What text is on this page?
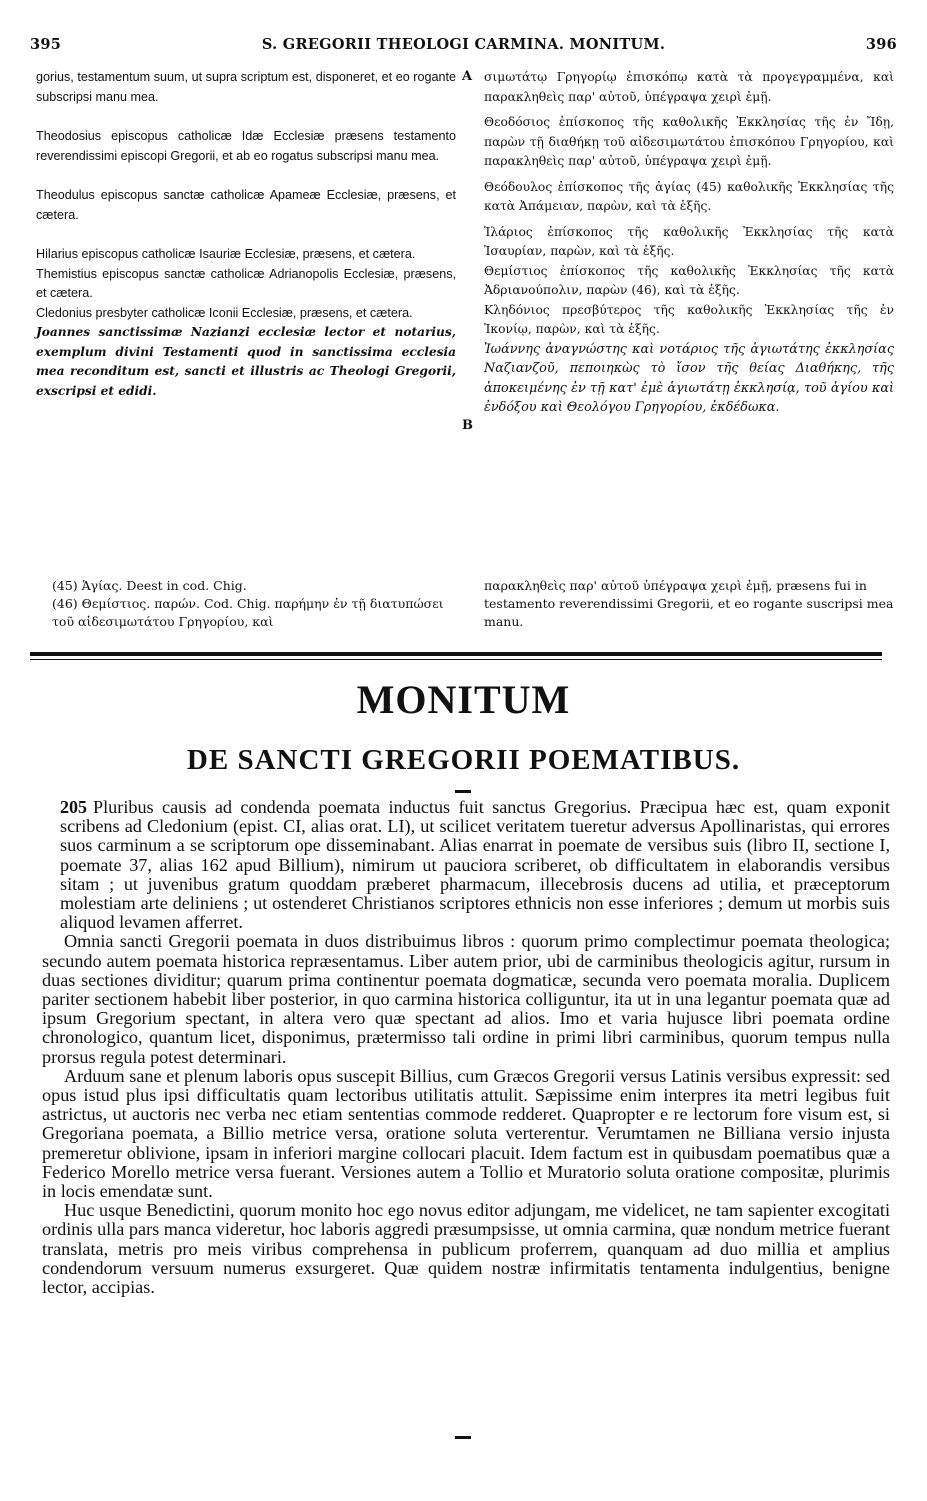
395	S. GREGORII THEOLOGI CARMINA. MONITUM.	396

gorius, testamentum suum, ut supra scriptum est, disponeret, et eo rogante subscripsi manu mea.

Theodosius episcopus catholicæ Idæ Ecclesiæ præsens testamento reverendissimi episcopi Gregorii, et ab eo rogatus subscripsi manu mea.

Theodulus episcopus sanctæ catholicæ Apameæ Ecclesiæ, præsens, et cætera.

Hilarius episcopus catholicæ Isauriæ Ecclesiæ, præsens, et cætera.

Themistius episcopus sanctæ catholicæ Adrianopolis Ecclesiæ, præsens, et cætera.

Cledonius presbyter catholicæ Iconii Ecclesiæ, præsens, et cætera.

Joannes sanctissimæ Nazianzi ecclesiæ lector et notarius, exemplum divini Testamenti quod in sanctissima ecclesia mea reconditum est, sancti et illustris ac Theologi Gregorii, exscripsi et edidi.

A
B

σιμωτάτῳ Γρηγορίῳ ἐπισκόπῳ κατὰ τὰ προγεγραμμένα, καὶ παρακληθεὶς παρ' αὐτοῦ, ὑπέγραψα χειρὶ ἐμῇ.

Θεοδόσιος ἐπίσκοπος τῆς καθολικῆς Ἐκκλησίας τῆς ἐν Ἴδῃ, παρὼν τῇ διαθήκῃ τοῦ αἰδεσιμωτάτου ἐπισκόπου Γρηγορίου, καὶ παρακληθεὶς παρ' αὐτοῦ, ὑπέγραψα χειρὶ ἐμῇ.

Θεόδουλος ἐπίσκοπος τῆς ἁγίας (45) καθολικῆς Ἐκκλησίας τῆς κατὰ Ἀπάμειαν, παρὼν, καὶ τὰ ἑξῆς.

Ἱλάριος ἐπίσκοπος τῆς καθολικῆς Ἐκκλησίας τῆς κατὰ Ἰσαυρίαν, παρὼν, καὶ τὰ ἑξῆς.

Θεμίστιος ἐπίσκοπος τῆς καθολικῆς Ἐκκλησίας τῆς κατὰ Ἀδριανούπολιν, παρὼν (46), καὶ τὰ ἑξῆς.

Κληδόνιος πρεσβύτερος τῆς καθολικῆς Ἐκκλησίας τῆς ἐν Ἰκονίῳ, παρὼν, καὶ τὰ ἑξῆς.

Ἰωάννης ἀναγνώστης καὶ νοτάριος τῆς ἁγιωτάτης ἐκκλησίας Ναζιανζοῦ, πεποιηκὼς τὸ ἴσον τῆς θείας Διαθήκης, τῆς ἀποκειμένης ἐν τῇ κατ' ἐμὲ ἁγιωτάτῃ ἐκκλησίᾳ, τοῦ ἁγίου καὶ ἐνδόξου καὶ Θεολόγου Γρηγορίου, ἐκδέδωκα.

(45) Ἁγίας. Deest in cod. Chig.

(46) Θεμίστιος. παρών. Cod. Chig. παρήμην ἐν τῇ διατυπώσει τοῦ αἰδεσιμωτάτου Γρηγορίου, καὶ

παρακληθεὶς παρ' αὐτοῦ ὑπέγραψα χειρὶ ἐμῇ, præsens fui in testamento reverendissimi Gregorii, et eo rogante suscripsi mea manu.

MONITUM
DE SANCTI GREGORII POEMATIBUS.

205 Pluribus causis ad condenda poemata inductus fuit sanctus Gregorius. Præcipua hæc est, quam exponit scribens ad Cledonium (epist. CI, alias orat. LI), ut scilicet veritatem tueretur adversus Apollinaristas, qui errores suos carminum a se scriptorum ope disseminabant. Alias enarrat in poemate de versibus suis (libro II, sectione I, poemate 37, alias 162 apud Billium), nimirum ut pauciora scriberet, ob difficultatem in elaborandis versibus sitam ; ut juvenibus gratum quoddam præberet pharmacum, illecebrosis ducens ad utilia, et præceptorum molestiam arte deliniens ; ut ostenderet Christianos scriptores ethnicis non esse inferiores ; demum ut morbis suis aliquod levamen afferret.

Omnia sancti Gregorii poemata in duos distribuimus libros : quorum primo complectimur poemata theologica; secundo autem poemata historica repræsentamus. Liber autem prior, ubi de carminibus theologicis agitur, rursum in duas sectiones dividitur; quarum prima continentur poemata dogmaticæ, secunda vero poemata moralia. Duplicem pariter sectionem habebit liber posterior, in quo carmina historica colliguntur, ita ut in una legantur poemata quæ ad ipsum Gregorium spectant, in altera vero quæ spectant ad alios. Imo et varia hujusce libri poemata ordine chronologico, quantum licet, disponimus, prætermisso tali ordine in primi libri carminibus, quorum tempus nulla prorsus regula potest determinari.

Arduum sane et plenum laboris opus suscepit Billius, cum Græcos Gregorii versus Latinis versibus expressit: sed opus istud plus ipsi difficultatis quam lectoribus utilitatis attulit. Sæpissime enim interpres ita metri legibus fuit astrictus, ut auctoris nec verba nec etiam sententias commode redderet. Quapropter e re lectorum fore visum est, si Gregoriana poemata, a Billio metrice versa, oratione soluta verterentur. Verumtamen ne Billiana versio injusta premeretur oblivione, ipsam in inferiori margine collocari placuit. Idem factum est in quibusdam poematibus quæ a Federico Morello metrice versa fuerant. Versiones autem a Tollio et Muratorio soluta oratione compositæ, plurimis in locis emendatæ sunt.

Huc usque Benedictini, quorum monito hoc ego novus editor adjungam, me videlicet, ne tam sapienter excogitati ordinis ulla pars manca videretur, hoc laboris aggredi præsumpsisse, ut omnia carmina, quæ nondum metrice fuerant translata, metris pro meis viribus comprehensa in publicum proferrem, quanquam ad duo millia et amplius condendorum versuum numerus exsurgeret. Quæ quidem nostræ infirmitatis tentamenta indulgentius, benigne lector, accipias.
